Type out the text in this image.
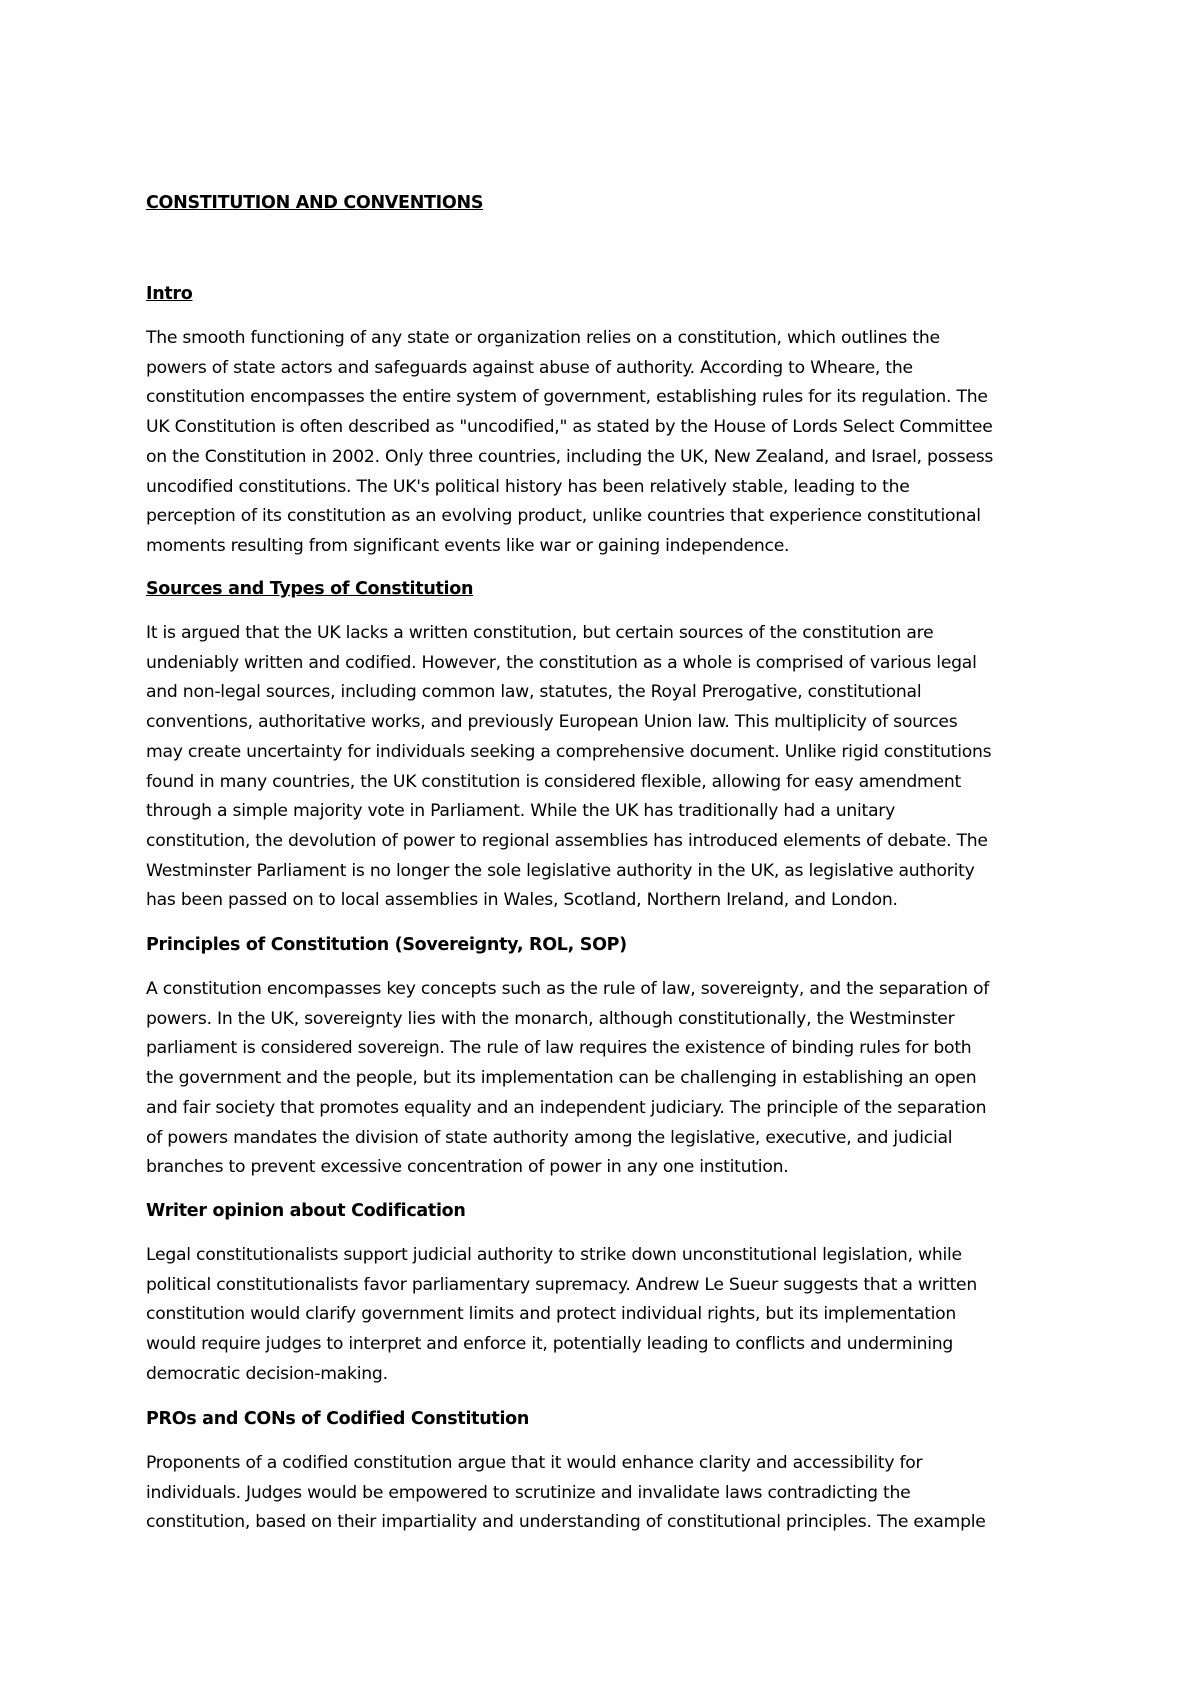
CONSTITUTION AND CONVENTIONS
Intro
The smooth functioning of any state or organization relies on a constitution, which outlines the
powers of state actors and safeguards against abuse of authority. According to Wheare, the
constitution encompasses the entire system of government, establishing rules for its regulation. The
UK Constitution is often described as "uncodified," as stated by the House of Lords Select Committee
on the Constitution in 2002. Only three countries, including the UK, New Zealand, and Israel, possess
uncodified constitutions. The UK's political history has been relatively stable, leading to the
perception of its constitution as an evolving product, unlike countries that experience constitutional
moments resulting from significant events like war or gaining independence.
Sources and Types of Constitution
It is argued that the UK lacks a written constitution, but certain sources of the constitution are
undeniably written and codified. However, the constitution as a whole is comprised of various legal
and non-legal sources, including common law, statutes, the Royal Prerogative, constitutional
conventions, authoritative works, and previously European Union law. This multiplicity of sources
may create uncertainty for individuals seeking a comprehensive document. Unlike rigid constitutions
found in many countries, the UK constitution is considered flexible, allowing for easy amendment
through a simple majority vote in Parliament. While the UK has traditionally had a unitary
constitution, the devolution of power to regional assemblies has introduced elements of debate. The
Westminster Parliament is no longer the sole legislative authority in the UK, as legislative authority
has been passed on to local assemblies in Wales, Scotland, Northern Ireland, and London.
Principles of Constitution (Sovereignty, ROL, SOP)
A constitution encompasses key concepts such as the rule of law, sovereignty, and the separation of
powers. In the UK, sovereignty lies with the monarch, although constitutionally, the Westminster
parliament is considered sovereign. The rule of law requires the existence of binding rules for both
the government and the people, but its implementation can be challenging in establishing an open
and fair society that promotes equality and an independent judiciary. The principle of the separation
of powers mandates the division of state authority among the legislative, executive, and judicial
branches to prevent excessive concentration of power in any one institution.
Writer opinion about Codification
Legal constitutionalists support judicial authority to strike down unconstitutional legislation, while
political constitutionalists favor parliamentary supremacy. Andrew Le Sueur suggests that a written
constitution would clarify government limits and protect individual rights, but its implementation
would require judges to interpret and enforce it, potentially leading to conflicts and undermining
democratic decision-making.
PROs and CONs of Codified Constitution
Proponents of a codified constitution argue that it would enhance clarity and accessibility for
individuals. Judges would be empowered to scrutinize and invalidate laws contradicting the
constitution, based on their impartiality and understanding of constitutional principles. The example
